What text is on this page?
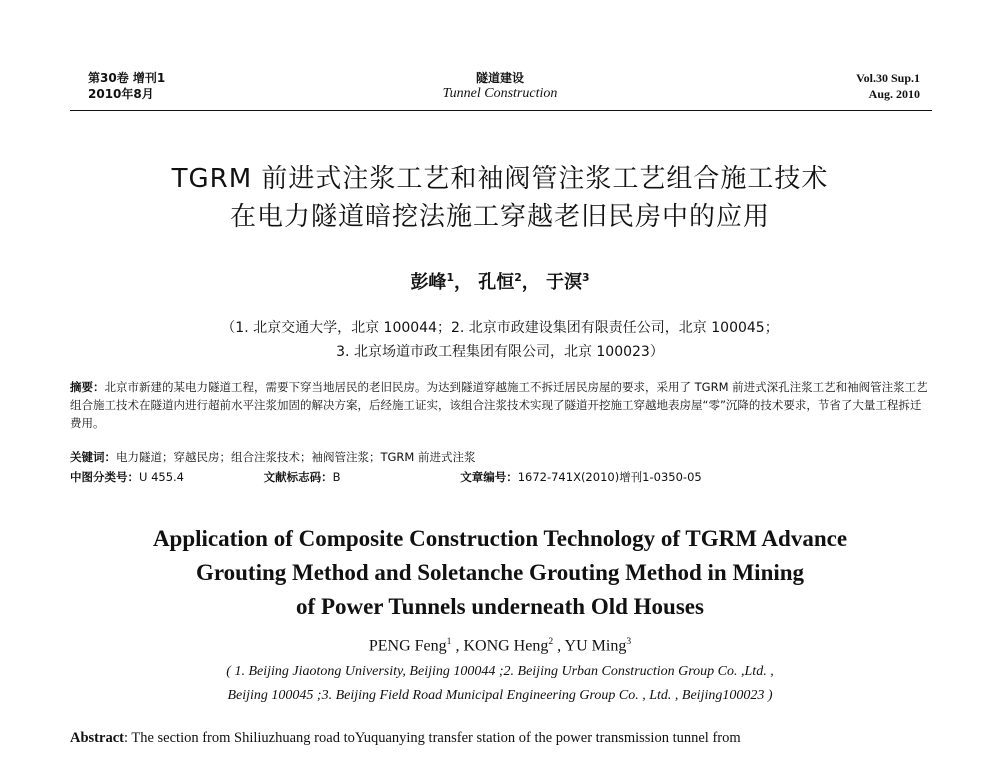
第30卷 增刊1
2010年8月
隧道建设
Tunnel Construction
Vol.30 Sup.1
Aug. 2010
TGRM 前进式注浆工艺和袖阀管注浆工艺组合施工技术
在电力隧道暗挖法施工穿越老旧民房中的应用
彭峰$^1$， 孔恒$^2$， 于溟$^3$
（1. 北京交通大学，北京 100044；2. 北京市政建设集团有限责任公司，北京 100045；
3. 北京场道市政工程集团有限公司，北京 100023）
摘要：北京市新建的某电力隧道工程，需要下穿当地居民的老旧民房。为达到隧道穿越施工不拆迁居民房屋的要求，采用了 TGRM 前进式深孔注浆工艺和袖阀管注浆工艺组合施工技术在隧道内进行超前水平注浆加固的解决方案，后经施工证实，该组合注浆技术实现了隧道开挖施工穿越地表房屋“零”沉降的技术要求，节省了大量工程拆迁费用。
关键词：电力隧道；穿越民房；组合注浆技术；袖阀管注浆；TGRM 前进式注浆
中图分类号：U 455.4	文献标志码：B	文章编号：1672-741X(2010)增刊1-0350-05
Application of Composite Construction Technology of TGRM Advance
Grouting Method and Soletanche Grouting Method in Mining
of Power Tunnels underneath Old Houses
PENG Feng$^1$ , KONG Heng$^2$ , YU Ming$^3$
( 1. Beijing Jiaotong University, Beijing 100044 ;2. Beijing Urban Construction Group Co. ,Ltd. ,
Beijing 100045 ;3. Beijing Field Road Municipal Engineering Group Co. , Ltd. , Beijing100023 )
Abstract: The section from Shiliuzhuang road toYuquanying transfer station of the power transmission tunnel from
